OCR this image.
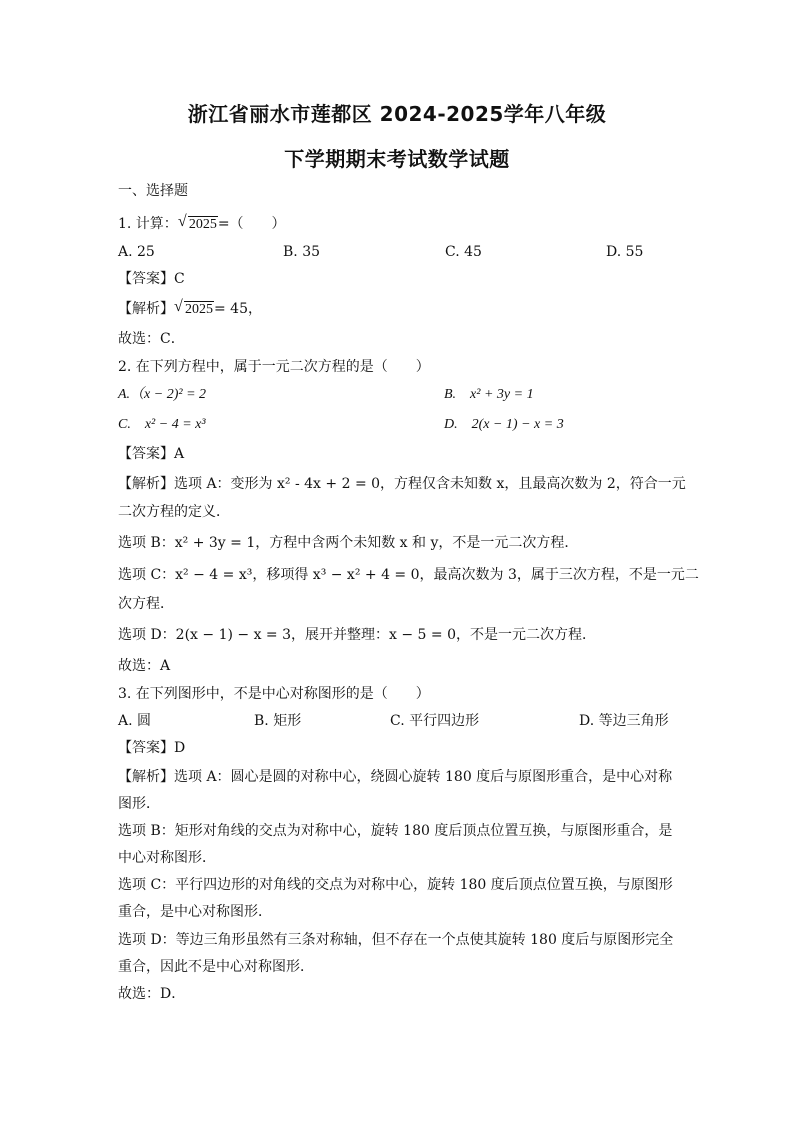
浙江省丽水市莲都区 2024-2025学年八年级
下学期期末考试数学试题
一、选择题
1. 计算： √ 2025=（　　）
A. 25	B. 35	C. 45	D. 55
【答案】C
【解析】 √ 2025= 45，
故选：C．
2. 在下列方程中，属于一元二次方程的是（　　）
A.（x − 2)² = 2	B.　x² + 3y = 1
C.　x² − 4 = x³	D.　2(x − 1) − x = 3
【答案】A
【解析】选项 A：变形为 x² - 4x + 2 = 0，方程仅含未知数 x，且最高次数为 2，符合一元
二次方程的定义．
选项 B：x² + 3y = 1，方程中含两个未知数 x 和 y，不是一元二次方程．
选项 C：x² − 4 = x³，移项得 x³ − x² + 4 = 0，最高次数为 3，属于三次方程，不是一元二
次方程．
选项 D：2(x − 1) − x = 3，展开并整理：x − 5 = 0，不是一元二次方程．
故选：A
3. 在下列图形中，不是中心对称图形的是（　　）
A. 圆	B. 矩形	C. 平行四边形	D. 等边三角形
【答案】D
【解析】选项 A：圆心是圆的对称中心，绕圆心旋转 180 度后与原图形重合，是中心对称
图形．
选项 B：矩形对角线的交点为对称中心，旋转 180 度后顶点位置互换，与原图形重合，是
中心对称图形．
选项 C：平行四边形的对角线的交点为对称中心，旋转 180 度后顶点位置互换，与原图形
重合，是中心对称图形．
选项 D：等边三角形虽然有三条对称轴，但不存在一个点使其旋转 180 度后与原图形完全
重合，因此不是中心对称图形．
故选：D．
